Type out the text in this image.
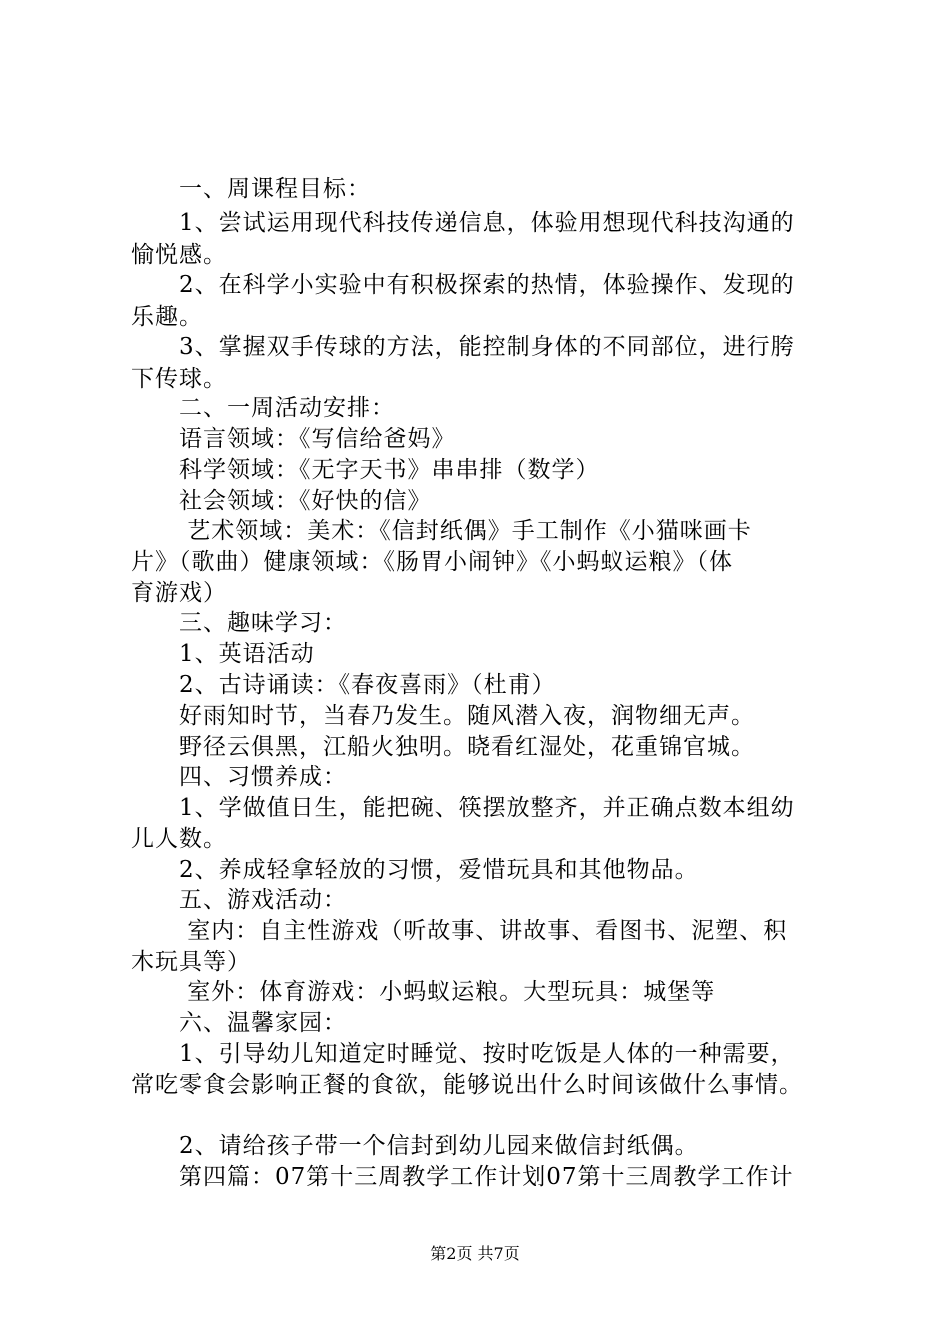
　　一、周课程目标：
　　1、尝试运用现代科技传递信息，体验用想现代科技沟通的
愉悦感。
　　2、在科学小实验中有积极探索的热情，体验操作、发现的
乐趣。
　　3、掌握双手传球的方法，能控制身体的不同部位，进行胯
下传球。
　　二、一周活动安排：
　　语言领域：《写信给爸妈》
　　科学领域：《无字天书》串串排（数学）
　　社会领域：《好快的信》
　　 艺术领域：美术：《信封纸偶》手工制作《小猫咪画卡
片》（歌曲）健康领域：《肠胃小闹钟》《小蚂蚁运粮》（体
育游戏）
　　三、趣味学习：
　　1、英语活动
　　2、古诗诵读：《春夜喜雨》（杜甫）
　　好雨知时节，当春乃发生。随风潜入夜，润物细无声。
　　野径云俱黑，江船火独明。晓看红湿处，花重锦官城。
　　四、习惯养成：
　　1、学做值日生，能把碗、筷摆放整齐，并正确点数本组幼
儿人数。
　　2、养成轻拿轻放的习惯，爱惜玩具和其他物品。
　　五、游戏活动：
　　 室内：自主性游戏（听故事、讲故事、看图书、泥塑、积
木玩具等）
　　 室外：体育游戏：小蚂蚁运粮。大型玩具：城堡等
　　六、温馨家园：
　　1、引导幼儿知道定时睡觉、按时吃饭是人体的一种需要，
常吃零食会影响正餐的食欲，能够说出什么时间该做什么事情。
　　2、请给孩子带一个信封到幼儿园来做信封纸偶。
　　第四篇：07第十三周教学工作计划07第十三周教学工作计
第2页 共7页
